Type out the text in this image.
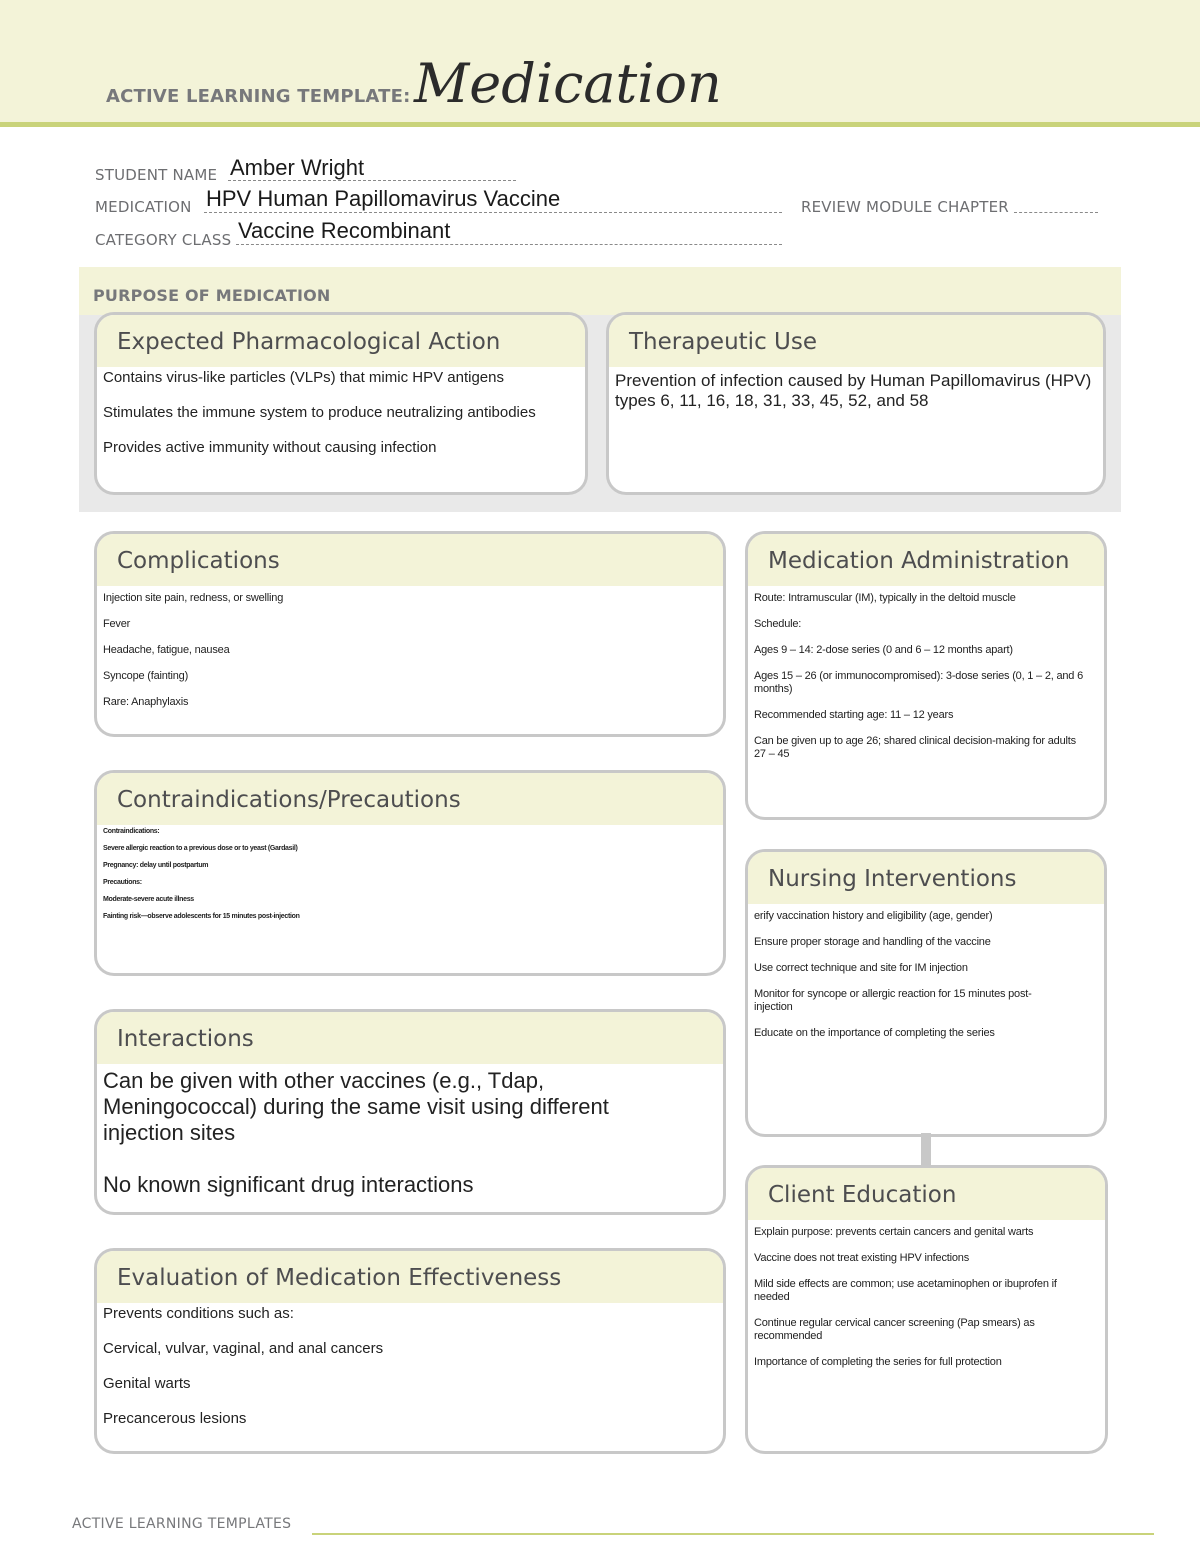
ACTIVE LEARNING TEMPLATE: Medication
STUDENT NAME Amber Wright
MEDICATION HPV Human Papillomavirus Vaccine	REVIEW MODULE CHAPTER
CATEGORY CLASS Vaccine Recombinant
PURPOSE OF MEDICATION
Expected Pharmacological Action

Contains virus-like particles (VLPs) that mimic HPV antigens

Stimulates the immune system to produce neutralizing antibodies

Provides active immunity without causing infection

Therapeutic Use

Prevention of infection caused by Human Papillomavirus (HPV) types 6, 11, 16, 18, 31, 33, 45, 52, and 58

Complications

Injection site pain, redness, or swelling

Fever

Headache, fatigue, nausea

Syncope (fainting)

Rare: Anaphylaxis

Medication Administration

Route: Intramuscular (IM), typically in the deltoid muscle

Schedule:

Ages 9 – 14: 2-dose series (0 and 6 – 12 months apart)

Ages 15 – 26 (or immunocompromised): 3-dose series (0, 1 – 2, and 6 months)

Recommended starting age: 11 – 12 years

Can be given up to age 26; shared clinical decision-making for adults 27 – 45

Contraindications/Precautions

Contraindications:

Severe allergic reaction to a previous dose or to yeast (Gardasil)

Pregnancy: delay until postpartum

Precautions:

Moderate-severe acute illness

Fainting risk—observe adolescents for 15 minutes post-injection

Nursing Interventions

erify vaccination history and eligibility (age, gender)

Ensure proper storage and handling of the vaccine

Use correct technique and site for IM injection

Monitor for syncope or allergic reaction for 15 minutes post-injection

Educate on the importance of completing the series

Interactions

Can be given with other vaccines (e.g., Tdap, Meningococcal) during the same visit using different injection sites

No known significant drug interactions	Client Education

Explain purpose: prevents certain cancers and genital warts

Vaccine does not treat existing HPV infections

Mild side effects are common; use acetaminophen or ibuprofen if needed

Continue regular cervical cancer screening (Pap smears) as recommended

Importance of completing the series for full protection

Evaluation of Medication Effectiveness

Prevents conditions such as:

Cervical, vulvar, vaginal, and anal cancers

Genital warts

Precancerous lesions

ACTIVE LEARNING TEMPLATES
